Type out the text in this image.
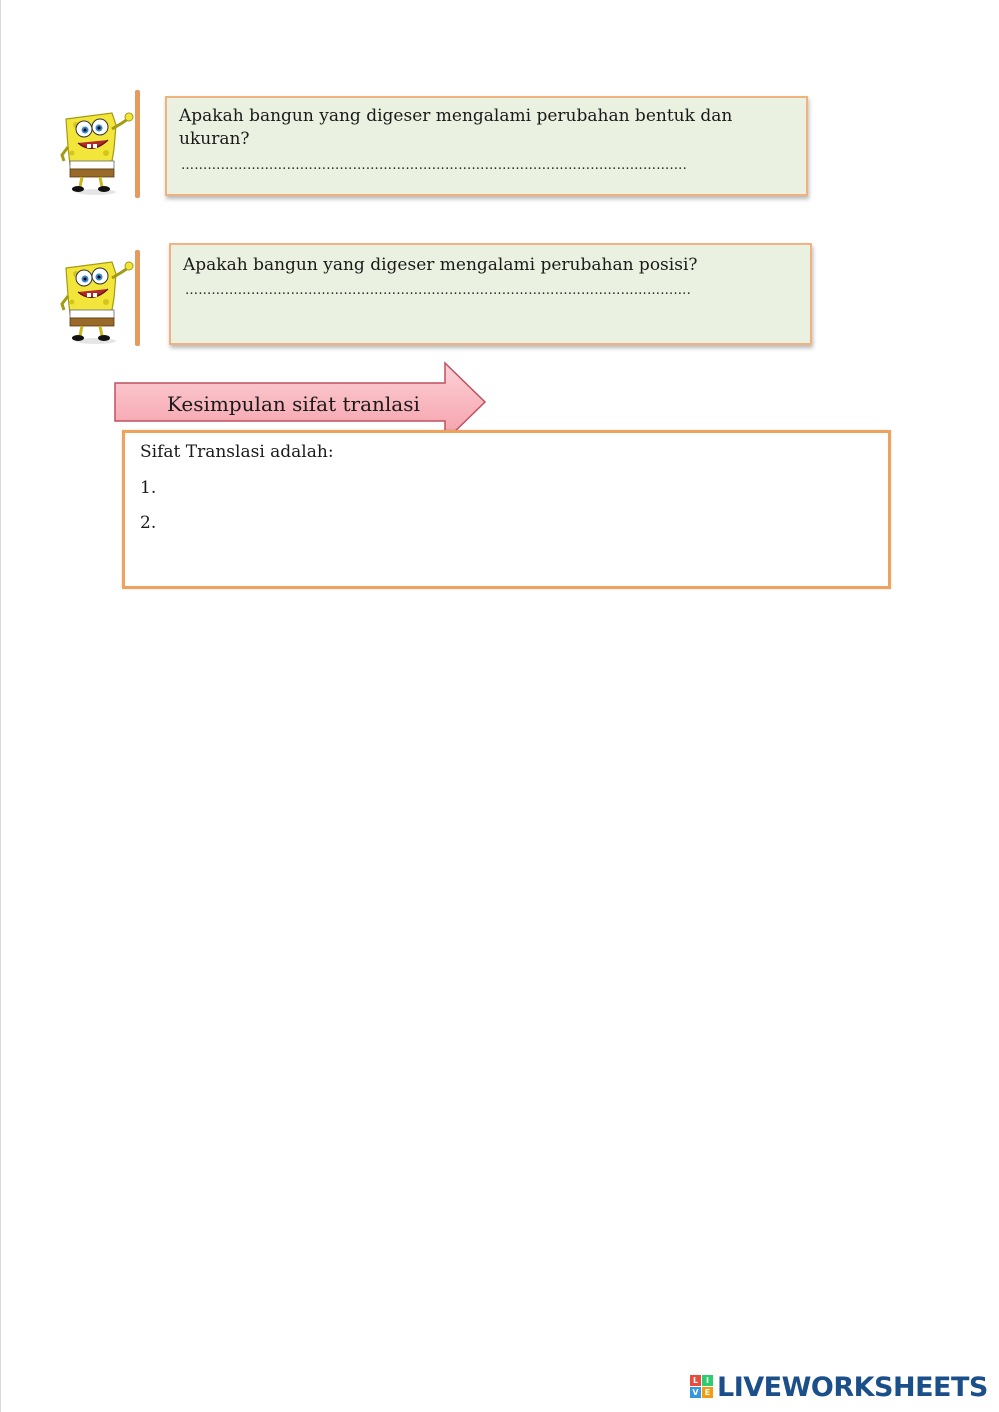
Apakah bangun yang digeser mengalami perubahan bentuk dan ukuran?
…………………………………………………………………………………………………….
Apakah bangun yang digeser mengalami perubahan posisi?
…………………………………………………………………………………………………….
Kesimpulan sifat tranlasi
Sifat Translasi adalah:
1.
2.
L I
V E LIVEWORKSHEETS
